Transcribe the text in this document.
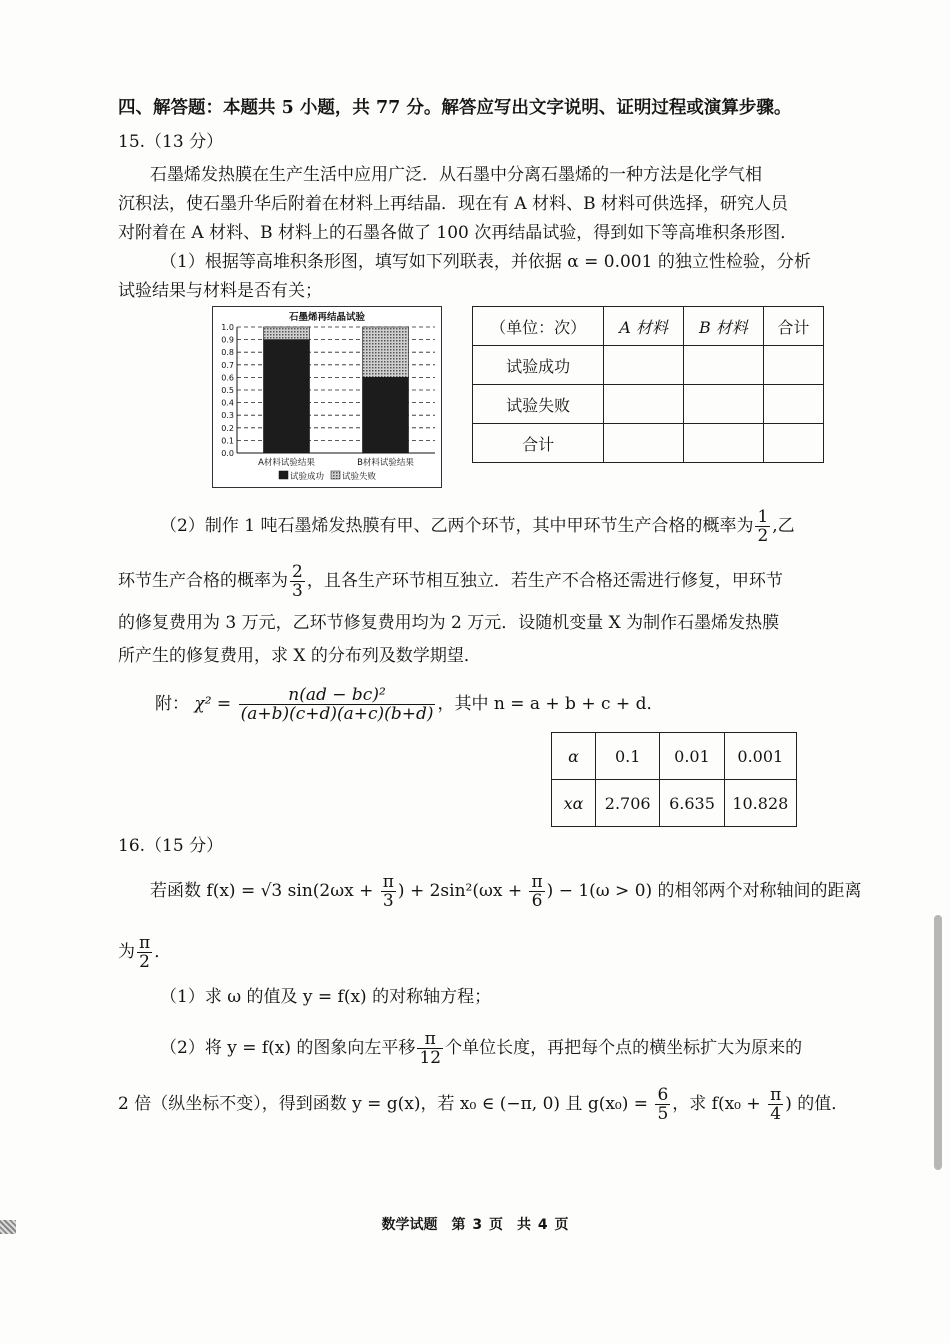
四、解答题：本题共 5 小题，共 77 分。解答应写出文字说明、证明过程或演算步骤。
15.（13 分）
石墨烯发热膜在生产生活中应用广泛．从石墨中分离石墨烯的一种方法是化学气相
沉积法，使石墨升华后附着在材料上再结晶．现在有 A 材料、B 材料可供选择，研究人员
对附着在 A 材料、B 材料上的石墨各做了 100 次再结晶试验，得到如下等高堆积条形图．
（1）根据等高堆积条形图，填写如下列联表，并依据 α = 0.001 的独立性检验，分析
试验结果与材料是否有关；
石墨烯再结晶试验
0.0
0.1
0.2
0.3
0.4
0.5
0.6
0.7
0.8
0.9
1.0
A材料试验结果	B材料试验结果
试验成功 试验失败
（单位：次）	A 材料	B 材料	合计
试验成功			
试验失败			
合计			
（2）制作 1 吨石墨烯发热膜有甲、乙两个环节，其中甲环节生产合格的概率为 $\frac{1}{2}$ ,乙
环节生产合格的概率为 $\frac{2}{3}$ ，且各生产环节相互独立．若生产不合格还需进行修复，甲环节
的修复费用为 3 万元，乙环节修复费用均为 2 万元．设随机变量 X 为制作石墨烯发热膜
所产生的修复费用，求 X 的分布列及数学期望．
附： $\chi^2 = \frac{\text{n(ad − bc)²}}{(a+b)(c+d)(a+c)(b+d)}$ ，其中 n = a + b + c + d．
α	0.1	0.01	0.001
xα	2.706	6.635	10.828
16.（15 分）
若函数 f(x) = √3 $\sin(2\omega x + \frac{\pi}{3}$ ) + $2\sin^2(\omega x + \frac{\pi}{6}$ ) − 1(ω > 0) 的相邻两个对称轴间的距离
为 $\frac{\pi}{2}$ ．
（1）求 ω 的值及 y = f(x) 的对称轴方程；
（2）将 y = f(x) 的图象向左平移 $\frac{\pi}{12}$ 个单位长度，再把每个点的横坐标扩大为原来的
2 倍（纵坐标不变），得到函数 y = g(x)，若 x₀ ∈ (−π, 0) 且 $g(x_0) = \frac{6}{5}$ ，求 $f(x_0 + \frac{\pi}{4}$ ) 的值．
数学试题　第 3 页　共 4 页
